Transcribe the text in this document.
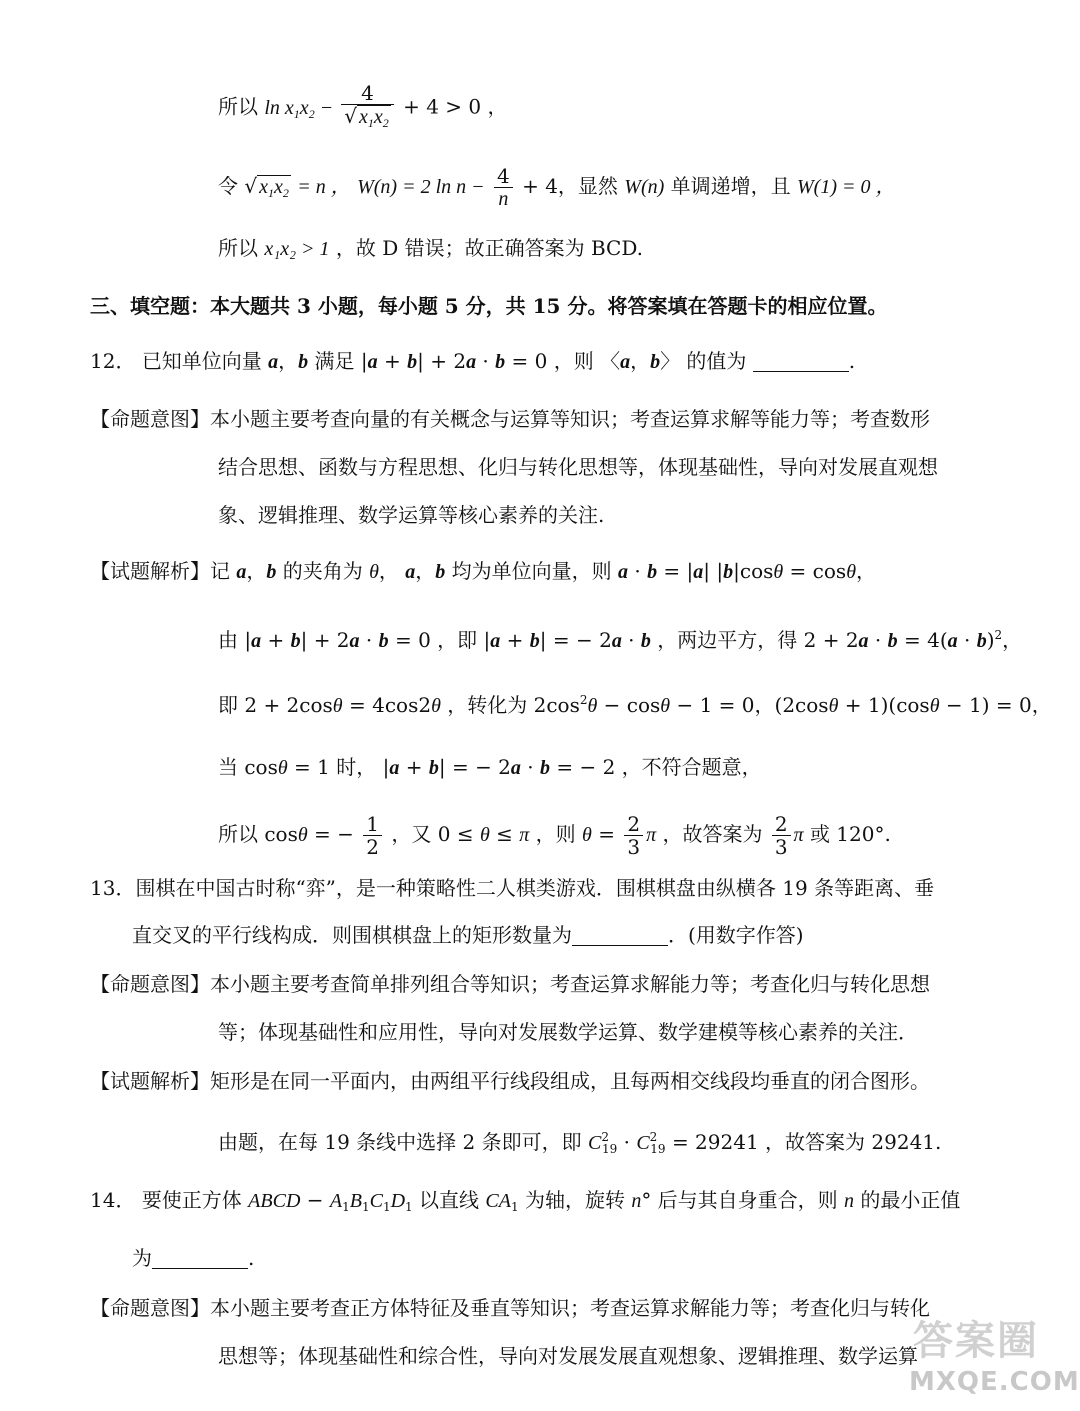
所以 $\ln x_1x_2 - \frac{4}{√ x_1x_2} + 4 > 0$ ，
令 √ $x_1x_2 = n$ ， W(n) = 2 $\ln n - \frac{4}{n} + 4$，显然 W(n) 单调递增，且 W(1) = 0 ，
所以 x₁x₂ > 1 ，故 D 错误；故正确答案为 BCD.
三、填空题：本大题共 3 小题，每小题 5 分，共 15 分。将答案填在答题卡的相应位置。
12． 已知单位向量 a，b 满足 |a + b| + 2a · b = 0 ，则 〈a，b〉 的值为	.
【命题意图】本小题主要考查向量的有关概念与运算等知识；考查运算求解等能力等；考查数形
结合思想、函数与方程思想、化归与转化思想等，体现基础性，导向对发展直观想
象、逻辑推理、数学运算等核心素养的关注.
【试题解析】记 a，b 的夹角为 θ， a，b 均为单位向量，则 a · b = |a| |b|cosθ = cosθ，
由 |a + b| + 2a · b = 0 ，即 |a + b| = − 2a · b ，两边平方，得 $2 + 2a \cdot b = 4(a \cdot b)^2$，
即 2 + 2cosθ = 4cos2θ ，转化为 $2\cos^2\theta - \cos\theta - 1 = 0$，(2cosθ + 1)(cosθ − 1) = 0，
当 cosθ = 1 时， |a + b| = − 2a · b = − 2 ，不符合题意，
所以 cosθ = − $\frac{1}{2}$ ，又 0 ≤ θ ≤ π ，则 $\theta = \frac{2}{3}$ π ，故答案为 $\frac{2}{3}$ π 或 120°.
13．围棋在中国古时称“弈”，是一种策略性二人棋类游戏．围棋棋盘由纵横各 19 条等距离、垂
直交叉的平行线构成．则围棋棋盘上的矩形数量为	．(用数字作答)
【命题意图】本小题主要考查简单排列组合等知识；考查运算求解能力等；考查化归与转化思想
等；体现基础性和应用性，导向对发展数学运算、数学建模等核心素养的关注．
【试题解析】矩形是在同一平面内，由两组平行线段组成，且每两相交线段均垂直的闭合图形。
由题，在每 19 条线中选择 2 条即可，即 $C^2_{19} \cdot C^2_{19} = 29241$ ，故答案为 29241.
14． 要使正方体 ABCD − $A_1B_1C_1D_1$ 以直线 $CA_1$ 为轴，旋转 n° 后与其自身重合，则 n 的最小正值
为	.
【命题意图】本小题主要考查正方体特征及垂直等知识；考查运算求解能力等；考查化归与转化
思想等；体现基础性和综合性，导向对发展发展直观想象、逻辑推理、数学运算
答案圈
MXQE.COM
